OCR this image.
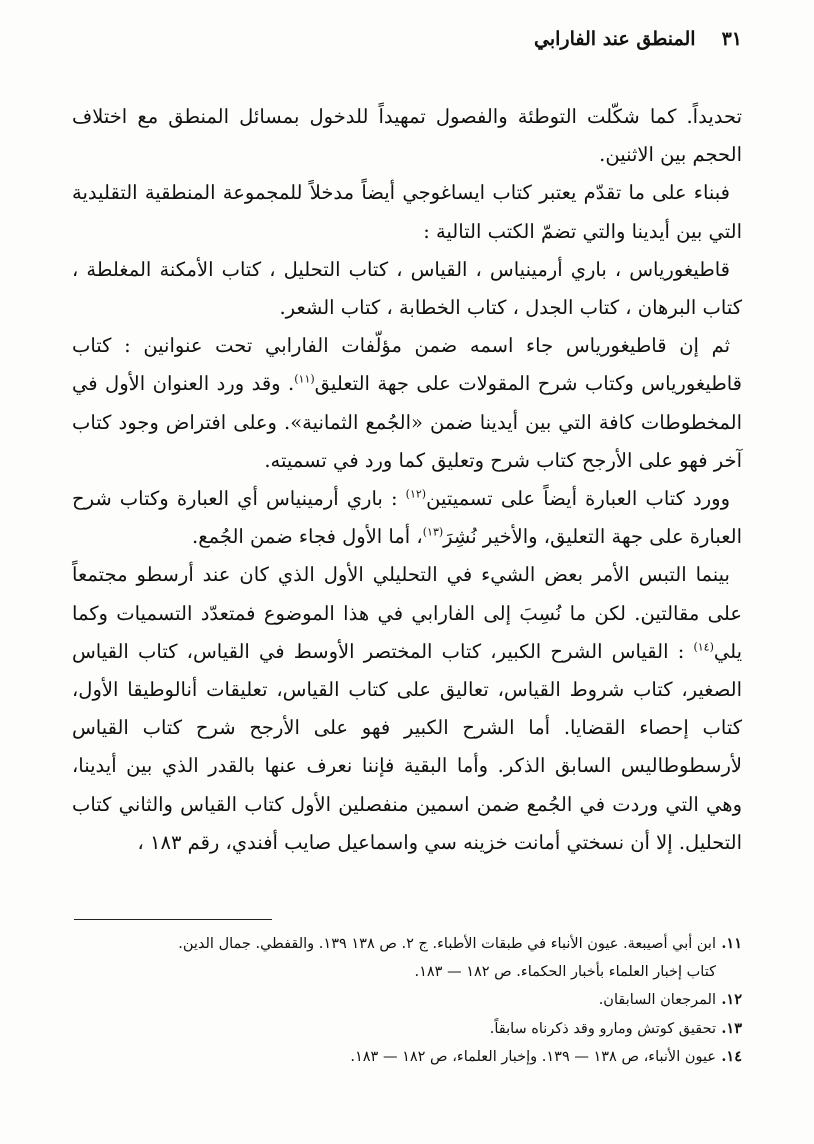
٣١
المنطق عند الفارابي

تحديداً. كما شكّلت التوطئة والفصول تمهيداً للدخول بمسائل المنطق مع اختلاف الحجم بين الاثنين.

فبناء على ما تقدّم يعتبر كتاب ايساغوجي أيضاً مدخلاً للمجموعة المنطقية التقليدية التي بين أيدينا والتي تضمّ الكتب التالية :

قاطيغورياس ، باري أرمينياس ، القياس ، كتاب التحليل ، كتاب الأمكنة المغلطة ، كتاب البرهان ، كتاب الجدل ، كتاب الخطابة ، كتاب الشعر.

ثم إن قاطيغورياس جاء اسمه ضمن مؤلّفات الفارابي تحت عنوانين : كتاب قاطيغورياس وكتاب شرح المقولات على جهة التعليق$^{(١١)}$. وقد ورد العنوان الأول في المخطوطات كافة التي بين أيدينا ضمن «الجُمع الثمانية». وعلى افتراض وجود كتاب آخر فهو على الأرجح كتاب شرح وتعليق كما ورد في تسميته.

وورد كتاب العبارة أيضاً على تسميتين$^{(١٢)}$ : باري أرمينياس أي العبارة وكتاب شرح العبارة على جهة التعليق، والأخير نُشِرَ$^{(١٣)}$، أما الأول فجاء ضمن الجُمع.

بينما التبس الأمر بعض الشيء في التحليلي الأول الذي كان عند أرسطو مجتمعاً على مقالتين. لكن ما نُسِبَ إلى الفارابي في هذا الموضوع فمتعدّد التسميات وكما يلي$^{(١٤)}$ : القياس الشرح الكبير، كتاب المختصر الأوسط في القياس، كتاب القياس الصغير، كتاب شروط القياس، تعاليق على كتاب القياس، تعليقات أنالوطيقا الأول، كتاب إحصاء القضايا. أما الشرح الكبير فهو على الأرجح شرح كتاب القياس لأرسطوطاليس السابق الذكر. وأما البقية فإننا نعرف عنها بالقدر الذي بين أيدينا، وهي التي وردت في الجُمع ضمن اسمين منفصلين الأول كتاب القياس والثاني كتاب التحليل. إلا أن نسختي أمانت خزينه سي واسماعيل صايب أفندي، رقم ١٨٣ ،

١١.ابن أبي أصيبعة. عيون الأنباء في طبقات الأطباء. ج ٢. ص ١٣٨ ١٣٩. والقفطي. جمال الدين.

كتاب إخبار العلماء بأخبار الحكماء. ص ١٨٢ — ١٨٣.

١٢.المرجعان السابقان.

١٣.تحقيق كوتش ومارو وقد ذكرناه سابقاً.

١٤.عيون الأنباء، ص ١٣٨ — ١٣٩. وإخبار العلماء، ص ١٨٢ — ١٨٣.
